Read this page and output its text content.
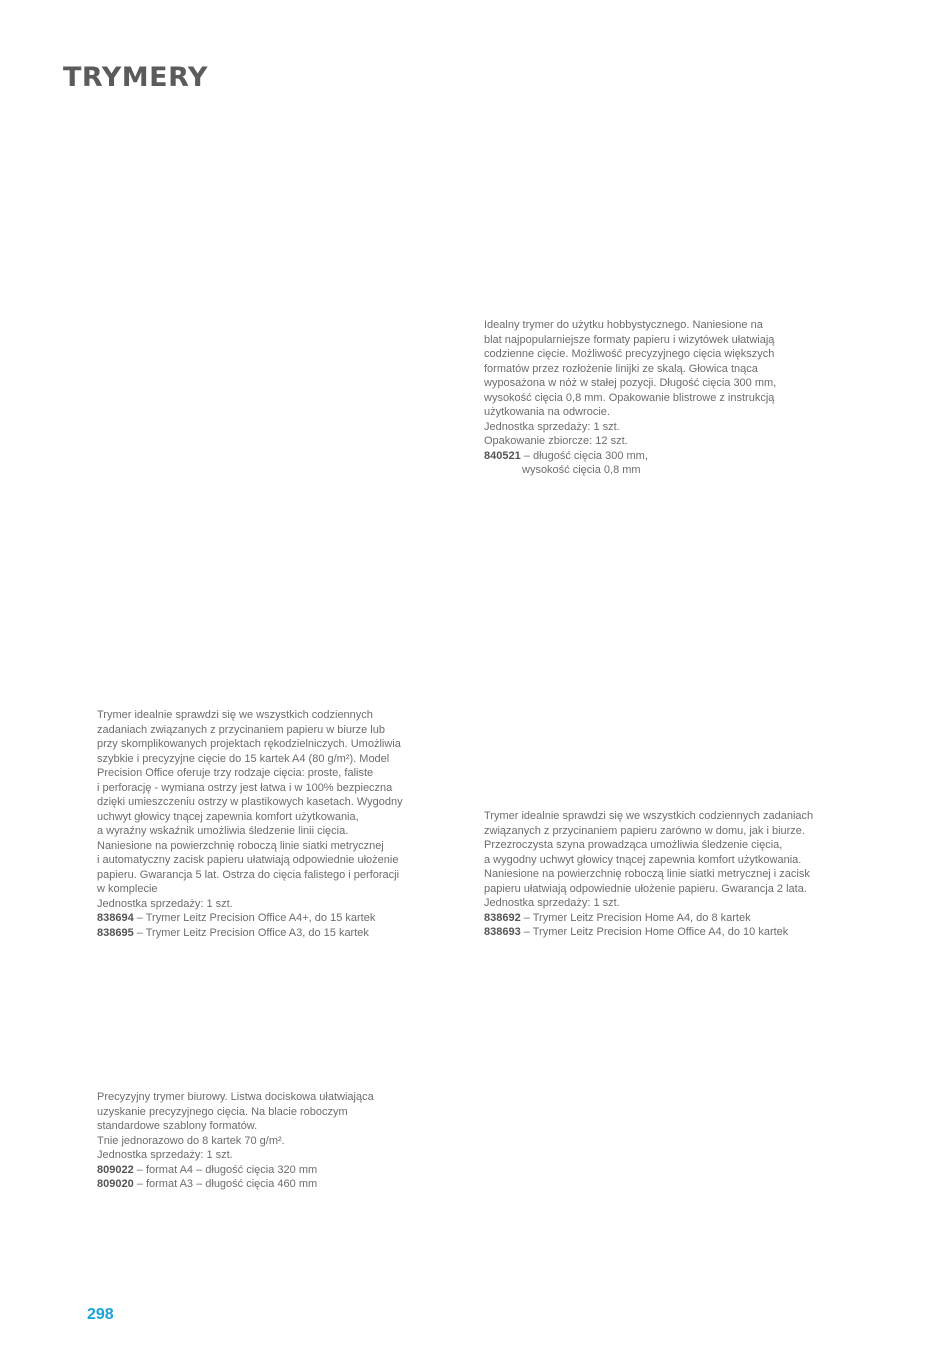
TRYMERY

Idealny trymer do użytku hobbystycznego. Naniesione na

blat najpopularniejsze formaty papieru i wizytówek ułatwiają

codzienne cięcie. Możliwość precyzyjnego cięcia większych

formatów przez rozłożenie linijki ze skalą. Głowica tnąca

wyposażona w nóż w stałej pozycji. Długość cięcia 300 mm,

wysokość cięcia 0,8 mm. Opakowanie blistrowe z instrukcją

użytkowania na odwrocie.

Jednostka sprzedaży: 1 szt.

Opakowanie zbiorcze: 12 szt.

840521 – długość cięcia 300 mm,

wysokość cięcia 0,8 mm

Trymer idealnie sprawdzi się we wszystkich codziennych

zadaniach związanych z przycinaniem papieru w biurze lub

przy skomplikowanych projektach rękodzielniczych. Umożliwia

szybkie i precyzyjne cięcie do 15 kartek A4 (80 g/m²). Model

Precision Office oferuje trzy rodzaje cięcia: proste, faliste

i perforację - wymiana ostrzy jest łatwa i w 100% bezpieczna

dzięki umieszczeniu ostrzy w plastikowych kasetach. Wygodny

uchwyt głowicy tnącej zapewnia komfort użytkowania,

a wyraźny wskaźnik umożliwia śledzenie linii cięcia.

Naniesione na powierzchnię roboczą linie siatki metrycznej

i automatyczny zacisk papieru ułatwiają odpowiednie ułożenie

papieru. Gwarancja 5 lat. Ostrza do cięcia falistego i perforacji

w komplecie

Jednostka sprzedaży: 1 szt.

838694 – Trymer Leitz Precision Office A4+, do 15 kartek

838695 – Trymer Leitz Precision Office A3, do 15 kartek

Trymer idealnie sprawdzi się we wszystkich codziennych zadaniach

związanych z przycinaniem papieru zarówno w domu, jak i biurze.

Przezroczysta szyna prowadząca umożliwia śledzenie cięcia,

a wygodny uchwyt głowicy tnącej zapewnia komfort użytkowania.

Naniesione na powierzchnię roboczą linie siatki metrycznej i zacisk

papieru ułatwiają odpowiednie ułożenie papieru. Gwarancja 2 lata.

Jednostka sprzedaży: 1 szt.

838692 – Trymer Leitz Precision Home A4, do 8 kartek

838693 – Trymer Leitz Precision Home Office A4, do 10 kartek

Precyzyjny trymer biurowy. Listwa dociskowa ułatwiająca

uzyskanie precyzyjnego cięcia. Na blacie roboczym

standardowe szablony formatów.

Tnie jednorazowo do 8 kartek 70 g/m².

Jednostka sprzedaży: 1 szt.

809022 – format A4 – długość cięcia 320 mm

809020 – format A3 – długość cięcia 460 mm

298
